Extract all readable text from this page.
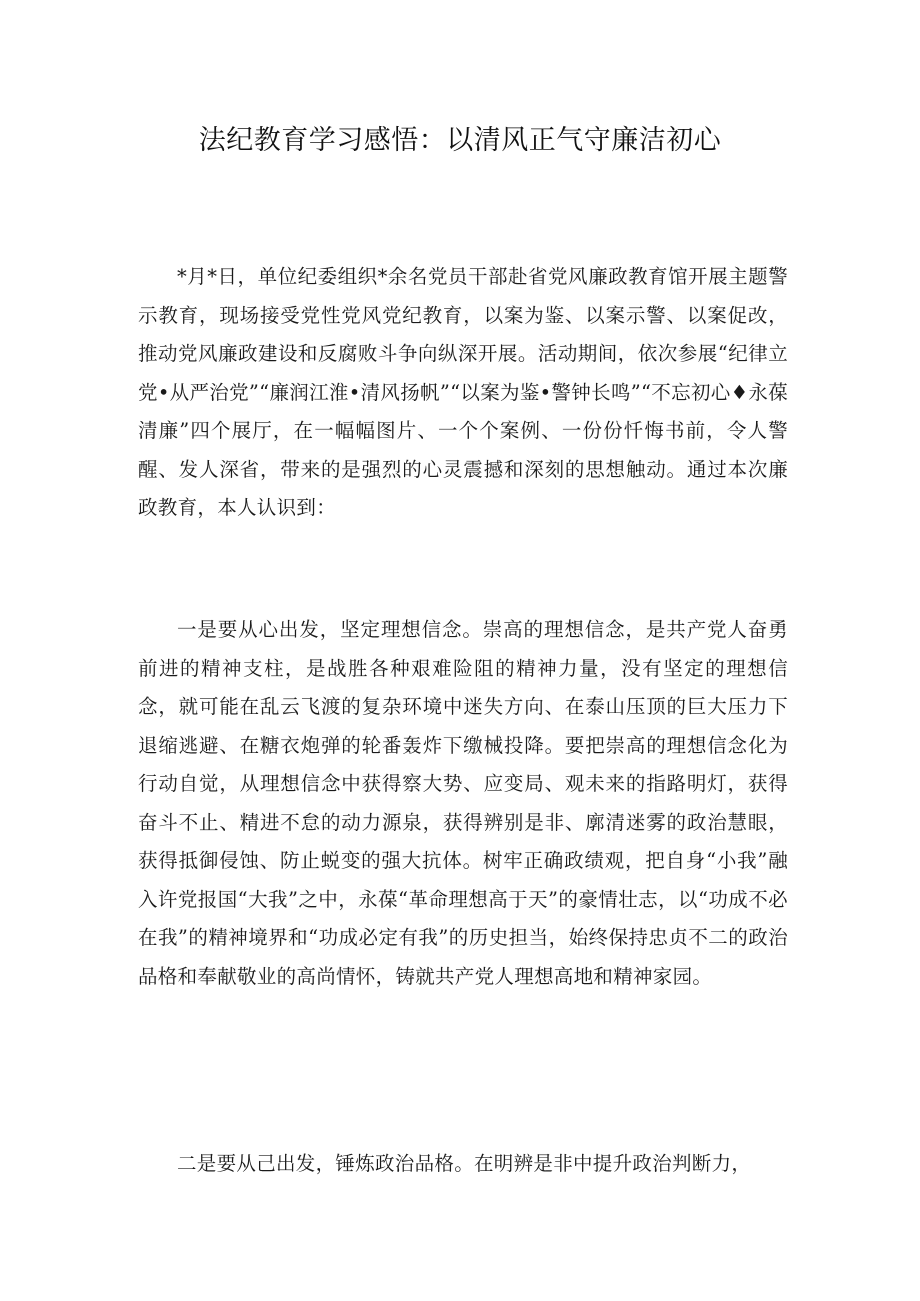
法纪教育学习感悟：以清风正气守廉洁初心
*月*日，单位纪委组织*余名党员干部赴省党风廉政教育馆开展主题警示教育，现场接受党性党风党纪教育，以案为鉴、以案示警、以案促改，推动党风廉政建设和反腐败斗争向纵深开展。活动期间，依次参展“纪律立党•从严治党”“廉润江淮•清风扬帆”“以案为鉴•警钟长鸣”“不忘初心♦永葆清廉”四个展厅，在一幅幅图片、一个个案例、一份份忏悔书前，令人警醒、发人深省，带来的是强烈的心灵震撼和深刻的思想触动。通过本次廉政教育，本人认识到：
一是要从心出发，坚定理想信念。崇高的理想信念，是共产党人奋勇前进的精神支柱，是战胜各种艰难险阻的精神力量，没有坚定的理想信念，就可能在乱云飞渡的复杂环境中迷失方向、在泰山压顶的巨大压力下退缩逃避、在糖衣炮弹的轮番轰炸下缴械投降。要把崇高的理想信念化为行动自觉，从理想信念中获得察大势、应变局、观未来的指路明灯，获得奋斗不止、精进不怠的动力源泉，获得辨别是非、廓清迷雾的政治慧眼，获得抵御侵蚀、防止蜕变的强大抗体。树牢正确政绩观，把自身“小我”融入许党报国“大我”之中，永葆“革命理想高于天”的豪情壮志，以“功成不必在我”的精神境界和“功成必定有我”的历史担当，始终保持忠贞不二的政治品格和奉献敬业的高尚情怀，铸就共产党人理想高地和精神家园。
二是要从己出发，锤炼政治品格。在明辨是非中提升政治判断力，
